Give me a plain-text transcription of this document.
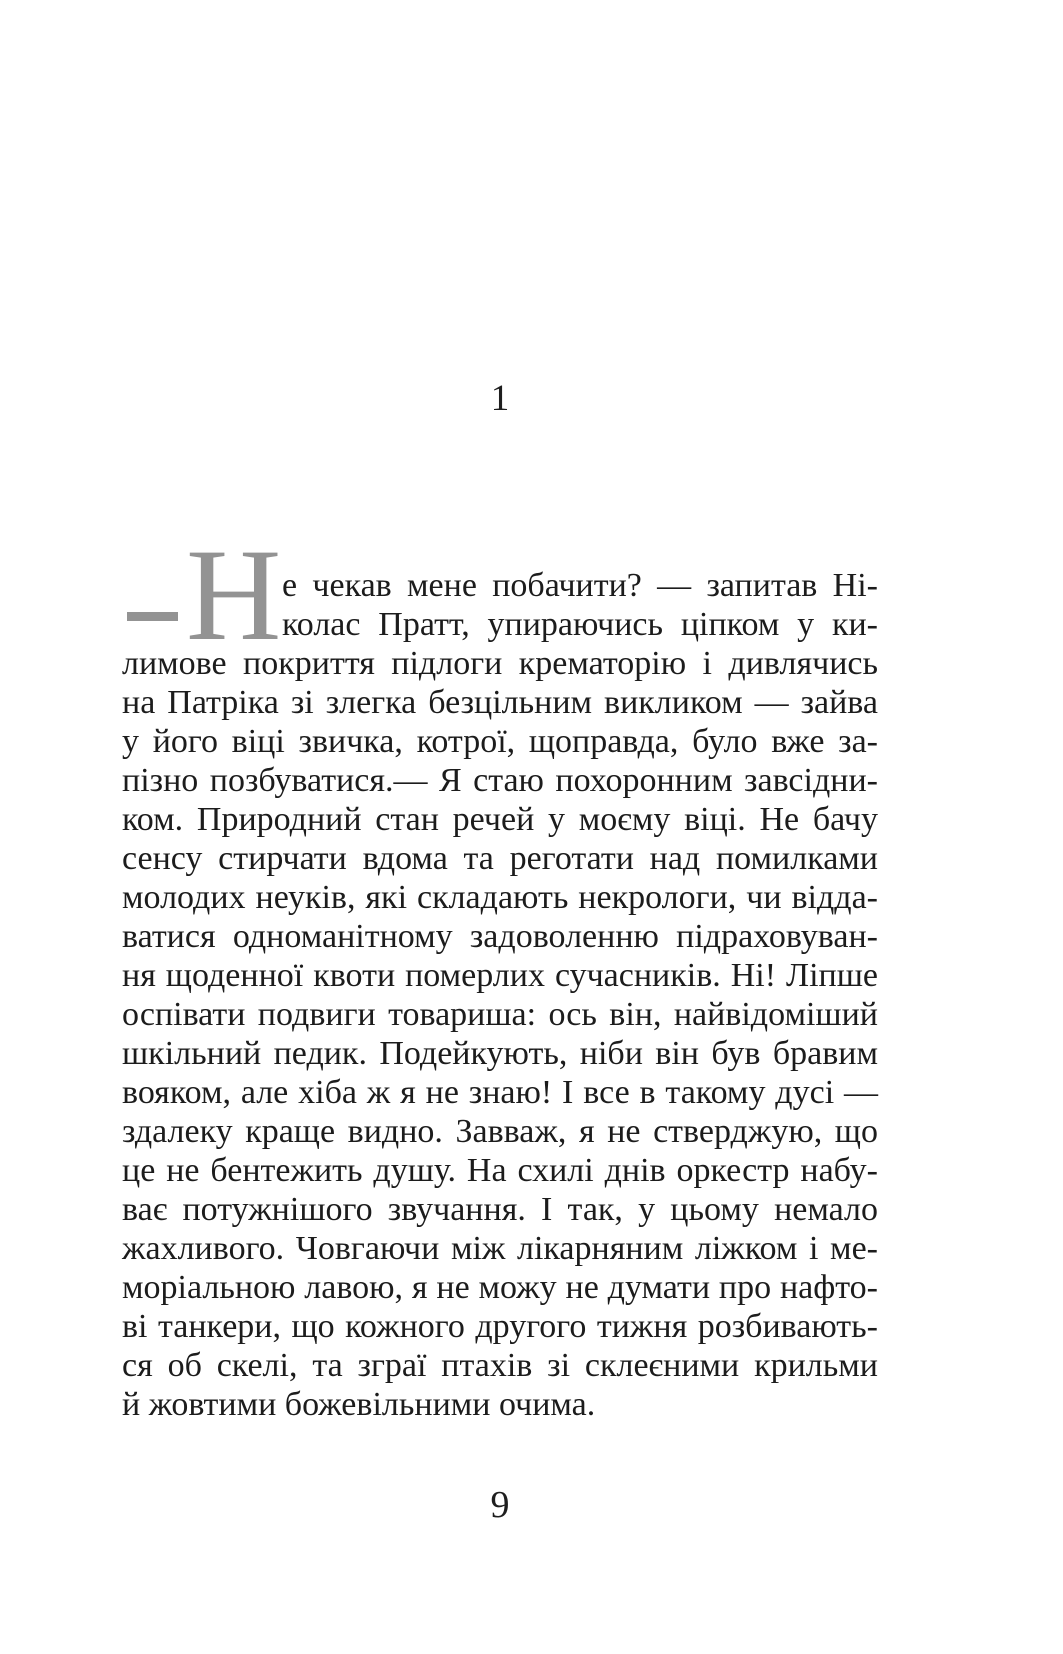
1
Н е чекав мене побачити? — запитав Ні-
колас Пратт, упираючись ціпком у ки-
лимове покриття підлоги крематорію і дивлячись
на Патріка зі злегка безцільним викликом — зайва
у його віці звичка, котрої, щоправда, було вже за-
пізно позбуватися.— Я стаю похоронним завсідни-
ком. Природний стан речей у моєму віці. Не бачу
сенсу стирчати вдома та реготати над помилками
молодих неуків, які складають некрологи, чи відда-
ватися одноманітному задоволенню підраховуван-
ня щоденної квоти померлих сучасників. Ні! Ліпше
оспівати подвиги товариша: ось він, найвідоміший
шкільний педик. Подейкують, ніби він був бравим
вояком, але хіба ж я не знаю! І все в такому дусі —
здалеку краще видно. Завваж, я не стверджую, що
це не бентежить душу. На схилі днів оркестр набу-
ває потужнішого звучання. І так, у цьому немало
жахливого. Човгаючи між лікарняним ліжком і ме-
моріальною лавою, я не можу не думати про нафто-
ві танкери, що кожного другого тижня розбивають-
ся об скелі, та зграї птахів зі склеєними крильми
й жовтими божевільними очима.
9
